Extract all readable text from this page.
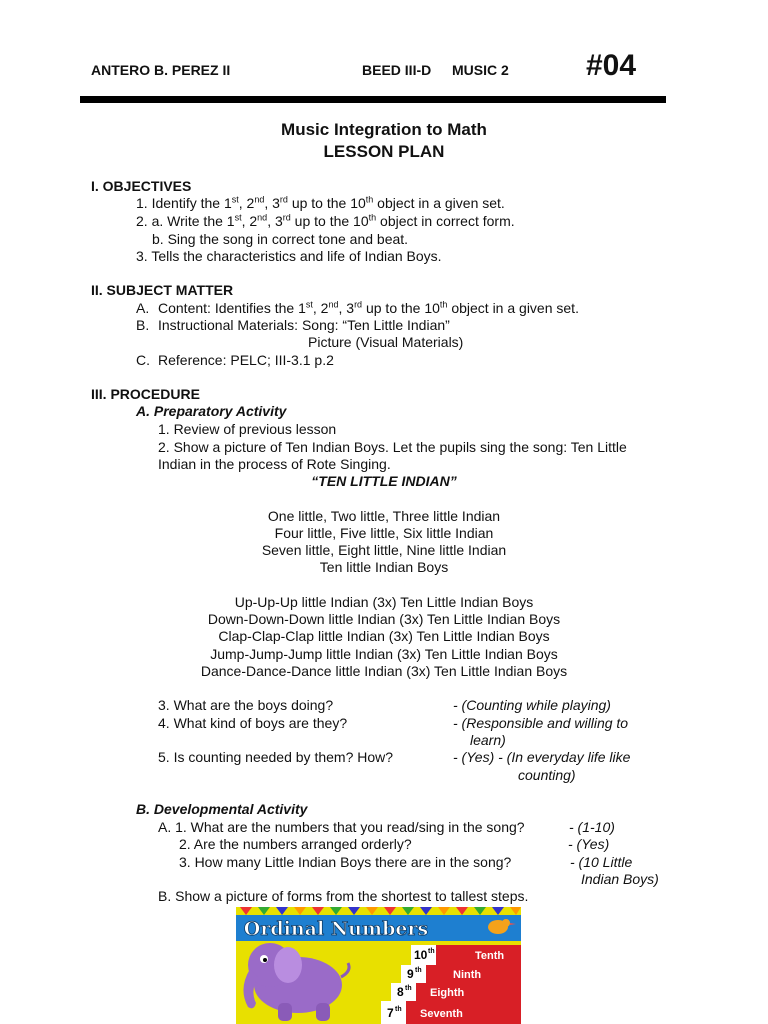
ANTERO B. PEREZ II	BEED III-D MUSIC 2	#04
Music Integration to Math
LESSON PLAN
I. OBJECTIVES
1. Identify the 1st, 2nd, 3rd up to the 10th object in a given set.
2. a. Write the 1st, 2nd, 3rd up to the 10th object in correct form.
b. Sing the song in correct tone and beat.
3. Tells the characteristics and life of Indian Boys.
II. SUBJECT MATTER
A. Content: Identifies the 1st, 2nd, 3rd up to the 10th object in a given set.
B. Instructional Materials: Song: “Ten Little Indian”
Picture (Visual Materials)
C. Reference: PELC; III-3.1 p.2
III. PROCEDURE
A. Preparatory Activity
1. Review of previous lesson
2. Show a picture of Ten Indian Boys. Let the pupils sing the song: Ten Little
Indian in the process of Rote Singing.
“TEN LITTLE INDIAN”
One little, Two little, Three little Indian
Four little, Five little, Six little Indian
Seven little, Eight little, Nine little Indian
Ten little Indian Boys
Up-Up-Up little Indian (3x) Ten Little Indian Boys
Down-Down-Down little Indian (3x) Ten Little Indian Boys
Clap-Clap-Clap little Indian (3x) Ten Little Indian Boys
Jump-Jump-Jump little Indian (3x) Ten Little Indian Boys
Dance-Dance-Dance little Indian (3x) Ten Little Indian Boys
3. What are the boys doing?	- (Counting while playing)
4. What kind of boys are they?	- (Responsible and willing to
learn)
5. Is counting needed by them? How?	- (Yes) - (In everyday life like
counting)
B. Developmental Activity
A. 1. What are the numbers that you read/sing in the song?	- (1-10)
2. Are the numbers arranged orderly?	- (Yes)
3. How many Little Indian Boys there are in the song?	- (10 Little
Indian Boys)
B. Show a picture of forms from the shortest to tallest steps.
Ordinal Numbers
10 th	Tenth
9 th	Ninth
8 th Eighth
7 th Seventh
